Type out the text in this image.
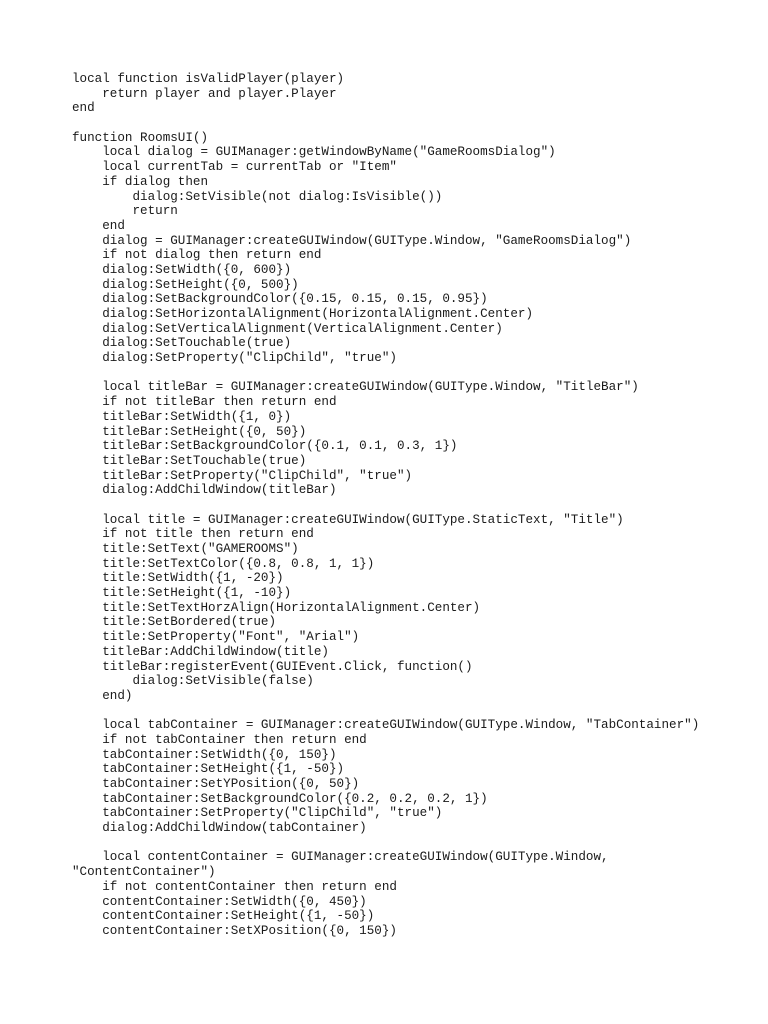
local function isValidPlayer(player)
return player and player.Player
end
function RoomsUI()
local dialog = GUIManager:getWindowByName("GameRoomsDialog")
local currentTab = currentTab or "Item"
if dialog then
dialog:SetVisible(not dialog:IsVisible())
return
end
dialog = GUIManager:createGUIWindow(GUIType.Window, "GameRoomsDialog")
if not dialog then return end
dialog:SetWidth({0, 600})
dialog:SetHeight({0, 500})
dialog:SetBackgroundColor({0.15, 0.15, 0.15, 0.95})
dialog:SetHorizontalAlignment(HorizontalAlignment.Center)
dialog:SetVerticalAlignment(VerticalAlignment.Center)
dialog:SetTouchable(true)
dialog:SetProperty("ClipChild", "true")
local titleBar = GUIManager:createGUIWindow(GUIType.Window, "TitleBar")
if not titleBar then return end
titleBar:SetWidth({1, 0})
titleBar:SetHeight({0, 50})
titleBar:SetBackgroundColor({0.1, 0.1, 0.3, 1})
titleBar:SetTouchable(true)
titleBar:SetProperty("ClipChild", "true")
dialog:AddChildWindow(titleBar)
local title = GUIManager:createGUIWindow(GUIType.StaticText, "Title")
if not title then return end
title:SetText("GAMEROOMS")
title:SetTextColor({0.8, 0.8, 1, 1})
title:SetWidth({1, -20})
title:SetHeight({1, -10})
title:SetTextHorzAlign(HorizontalAlignment.Center)
title:SetBordered(true)
title:SetProperty("Font", "Arial")
titleBar:AddChildWindow(title)
titleBar:registerEvent(GUIEvent.Click, function()
dialog:SetVisible(false)
end)
local tabContainer = GUIManager:createGUIWindow(GUIType.Window, "TabContainer")
if not tabContainer then return end
tabContainer:SetWidth({0, 150})
tabContainer:SetHeight({1, -50})
tabContainer:SetYPosition({0, 50})
tabContainer:SetBackgroundColor({0.2, 0.2, 0.2, 1})
tabContainer:SetProperty("ClipChild", "true")
dialog:AddChildWindow(tabContainer)
local contentContainer = GUIManager:createGUIWindow(GUIType.Window,
"ContentContainer")
if not contentContainer then return end
contentContainer:SetWidth({0, 450})
contentContainer:SetHeight({1, -50})
contentContainer:SetXPosition({0, 150})
